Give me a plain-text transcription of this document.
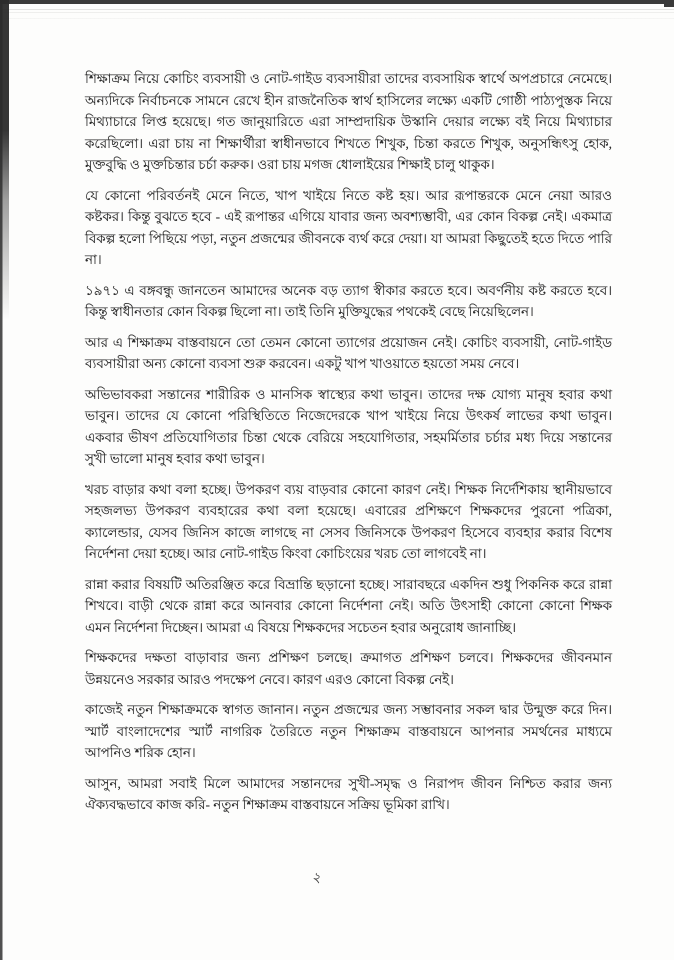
শিক্ষাক্রম নিয়ে কোচিং ব্যবসায়ী ও নোট-গাইড ব্যবসায়ীরা তাদের ব্যবসায়িক স্বার্থে অপপ্রচারে নেমেছে। অন্যদিকে নির্বাচনকে সামনে রেখে হীন রাজনৈতিক স্বার্থ হাসিলের লক্ষ্যে একটি গোষ্ঠী পাঠ্যপুস্তক নিয়ে মিথ্যাচারে লিপ্ত হয়েছে। গত জানুয়ারিতে এরা সাম্প্রদায়িক উস্কানি দেয়ার লক্ষ্যে বই নিয়ে মিথ্যাচার করেছিলো। এরা চায় না শিক্ষার্থীরা স্বাধীনভাবে শিখতে শিখুক, চিন্তা করতে শিখুক, অনুসন্ধিৎসু হোক, মুক্তবুদ্ধি ও মুক্তচিন্তার চর্চা করুক। ওরা চায় মগজ ধোলাইয়ের শিক্ষাই চালু থাকুক।

যে কোনো পরিবর্তনই মেনে নিতে, খাপ খাইয়ে নিতে কষ্ট হয়। আর রূপান্তরকে মেনে নেয়া আরও কষ্টকর। কিন্তু বুঝতে হবে - এই রূপান্তর এগিয়ে যাবার জন্য অবশ্যম্ভাবী, এর কোন বিকল্প নেই। একমাত্র বিকল্প হলো পিছিয়ে পড়া, নতুন প্রজন্মের জীবনকে ব্যর্থ করে দেয়া। যা আমরা কিছুতেই হতে দিতে পারি না।

১৯৭১ এ বঙ্গবন্ধু জানতেন আমাদের অনেক বড় ত্যাগ স্বীকার করতে হবে। অবর্ণনীয় কষ্ট করতে হবে। কিন্তু স্বাধীনতার কোন বিকল্প ছিলো না। তাই তিনি মুক্তিযুদ্ধের পথকেই বেছে নিয়েছিলেন।

আর এ শিক্ষাক্রম বাস্তবায়নে তো তেমন কোনো ত্যাগের প্রয়োজন নেই। কোচিং ব্যবসায়ী, নোট-গাইড ব্যবসায়ীরা অন্য কোনো ব্যবসা শুরু করবেন। একটু খাপ খাওয়াতে হয়তো সময় নেবে।

অভিভাবকরা সন্তানের শারীরিক ও মানসিক স্বাস্থ্যের কথা ভাবুন। তাদের দক্ষ যোগ্য মানুষ হবার কথা ভাবুন। তাদের যে কোনো পরিস্থিতিতে নিজেদেরকে খাপ খাইয়ে নিয়ে উৎকর্ষ লাভের কথা ভাবুন। একবার ভীষণ প্রতিযোগিতার চিন্তা থেকে বেরিয়ে সহযোগিতার, সহমর্মিতার চর্চার মধ্য দিয়ে সন্তানের সুখী ভালো মানুষ হবার কথা ভাবুন।

খরচ বাড়ার কথা বলা হচ্ছে। উপকরণ ব্যয় বাড়বার কোনো কারণ নেই। শিক্ষক নির্দেশিকায় স্থানীয়ভাবে সহজলভ্য উপকরণ ব্যবহারের কথা বলা হয়েছে। এবারের প্রশিক্ষণে শিক্ষকদের পুরনো পত্রিকা, ক্যালেন্ডার, যেসব জিনিস কাজে লাগছে না সেসব জিনিসকে উপকরণ হিসেবে ব্যবহার করার বিশেষ নির্দেশনা দেয়া হচ্ছে। আর নোট-গাইড কিংবা কোচিংয়ের খরচ তো লাগবেই না।

রান্না করার বিষয়টি অতিরঞ্জিত করে বিভ্রান্তি ছড়ানো হচ্ছে। সারাবছরে একদিন শুধু পিকনিক করে রান্না শিখবে। বাড়ী থেকে রান্না করে আনবার কোনো নির্দেশনা নেই। অতি উৎসাহী কোনো কোনো শিক্ষক এমন নির্দেশনা দিচ্ছেন। আমরা এ বিষয়ে শিক্ষকদের সচেতন হবার অনুরোধ জানাচ্ছি।

শিক্ষকদের দক্ষতা বাড়াবার জন্য প্রশিক্ষণ চলছে। ক্রমাগত প্রশিক্ষণ চলবে। শিক্ষকদের জীবনমান উন্নয়নেও সরকার আরও পদক্ষেপ নেবে। কারণ এরও কোনো বিকল্প নেই।

কাজেই নতুন শিক্ষাক্রমকে স্বাগত জানান। নতুন প্রজন্মের জন্য সম্ভাবনার সকল দ্বার উন্মুক্ত করে দিন। স্মার্ট বাংলাদেশের স্মার্ট নাগরিক তৈরিতে নতুন শিক্ষাক্রম বাস্তবায়নে আপনার সমর্থনের মাধ্যমে আপনিও শরিক হোন।

আসুন, আমরা সবাই মিলে আমাদের সন্তানদের সুখী-সমৃদ্ধ ও নিরাপদ জীবন নিশ্চিত করার জন্য ঐক্যবদ্ধভাবে কাজ করি- নতুন শিক্ষাক্রম বাস্তবায়নে সক্রিয় ভূমিকা রাখি।

২
